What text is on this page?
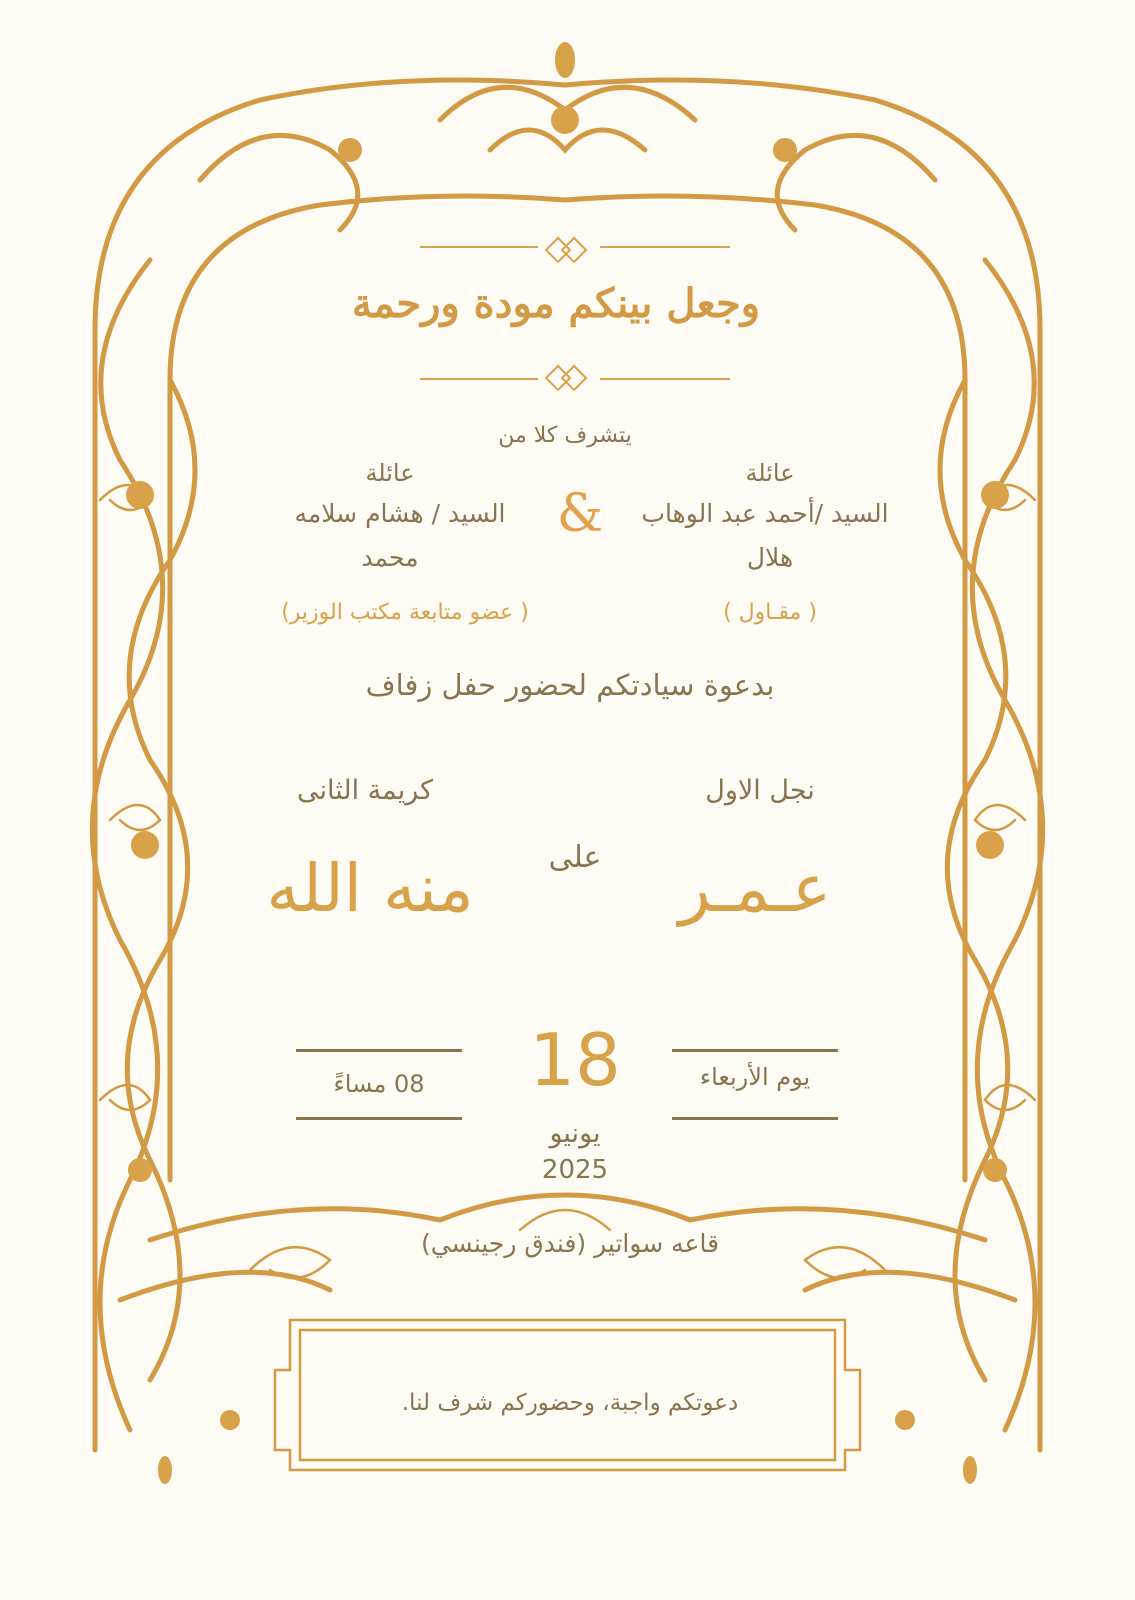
وجعل بينكم مودة ورحمة
يتشرف كلا من
عائلة
السيد /أحمد عبد الوهاب
هلال
( مقـاول )
&
عائلة
السيد / هشام سلامه
محمد
( عضو متابعة مكتب الوزير)
بدعوة سيادتكم لحضور حفل زفاف
نجل الاول
كريمة الثانى
على	عـمـر
منه الله
يوم الأربعاء
08 مساءً	18
يونيو
2025
قاعه سواتير (فندق رجينسي)
دعوتكم واجبة، وحضوركم شرف لنا.
